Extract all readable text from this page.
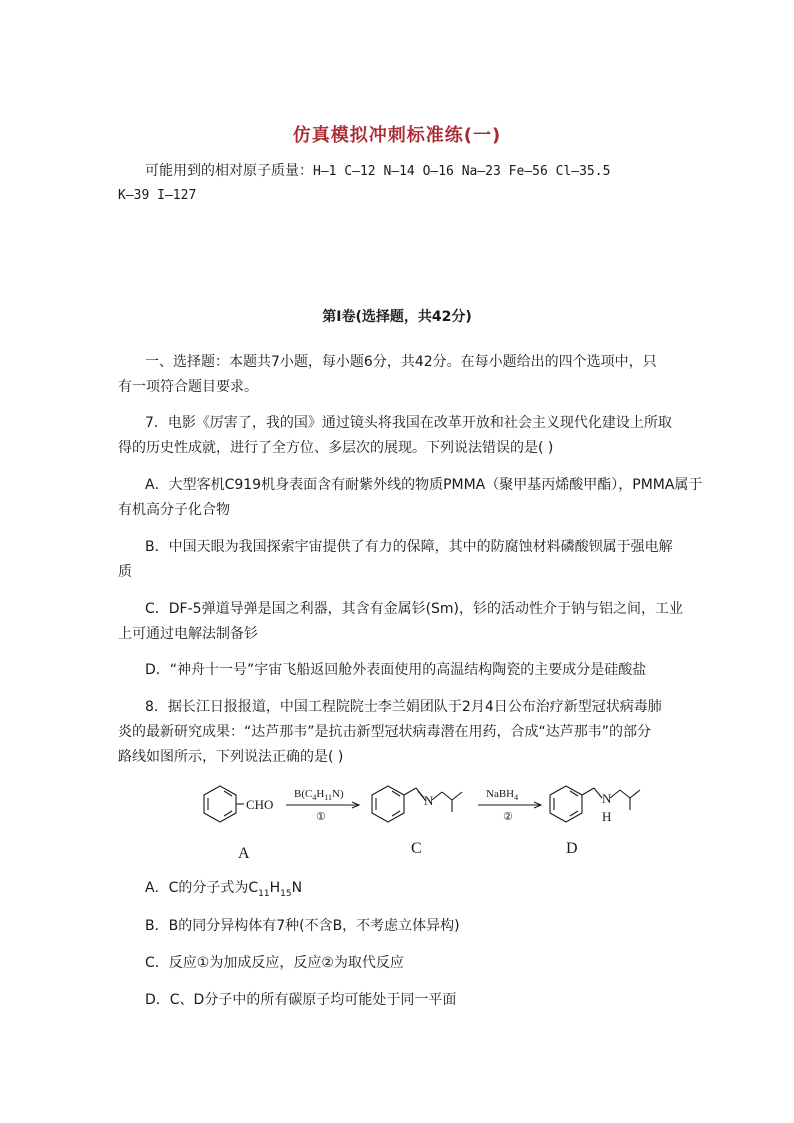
仿真模拟冲刺标准练(一)
可能用到的相对原子质量：H—1 C—12 N—14 O—16 Na—23 Fe—56 Cl—35.5
K—39 I—127
第Ⅰ卷(选择题，共42分)
一、选择题：本题共7小题，每小题6分，共42分。在每小题给出的四个选项中，只
有一项符合题目要求。
7．电影《厉害了，我的国》通过镜头将我国在改革开放和社会主义现代化建设上所取
得的历史性成就，进行了全方位、多层次的展现。下列说法错误的是( )
A．大型客机C919机身表面含有耐紫外线的物质PMMA（聚甲基丙烯酸甲酯），PMMA属于
有机高分子化合物
B．中国天眼为我国探索宇宙提供了有力的保障，其中的防腐蚀材料磷酸钡属于强电解
质
C．DF-5弹道导弹是国之利器，其含有金属钐(Sm)，钐的活动性介于钠与铝之间，工业
上可通过电解法制备钐
D．“神舟十一号”宇宙飞船返回舱外表面使用的高温结构陶瓷的主要成分是硅酸盐
8．据长江日报报道，中国工程院院士李兰娟团队于2月4日公布治疗新型冠状病毒肺
炎的最新研究成果：“达芦那韦”是抗击新型冠状病毒潜在用药，合成“达芦那韦”的部分
路线如图所示，下列说法正确的是( )
CHO
$B(C_4H_{11}N)$
①
N	NaBH$_4$
②
N
H
A	C	D
A．C的分子式为$C_{11}H_{15}N$
B．B的同分异构体有7种(不含B，不考虑立体异构)
C．反应①为加成反应，反应②为取代反应
D．C、D分子中的所有碳原子均可能处于同一平面
